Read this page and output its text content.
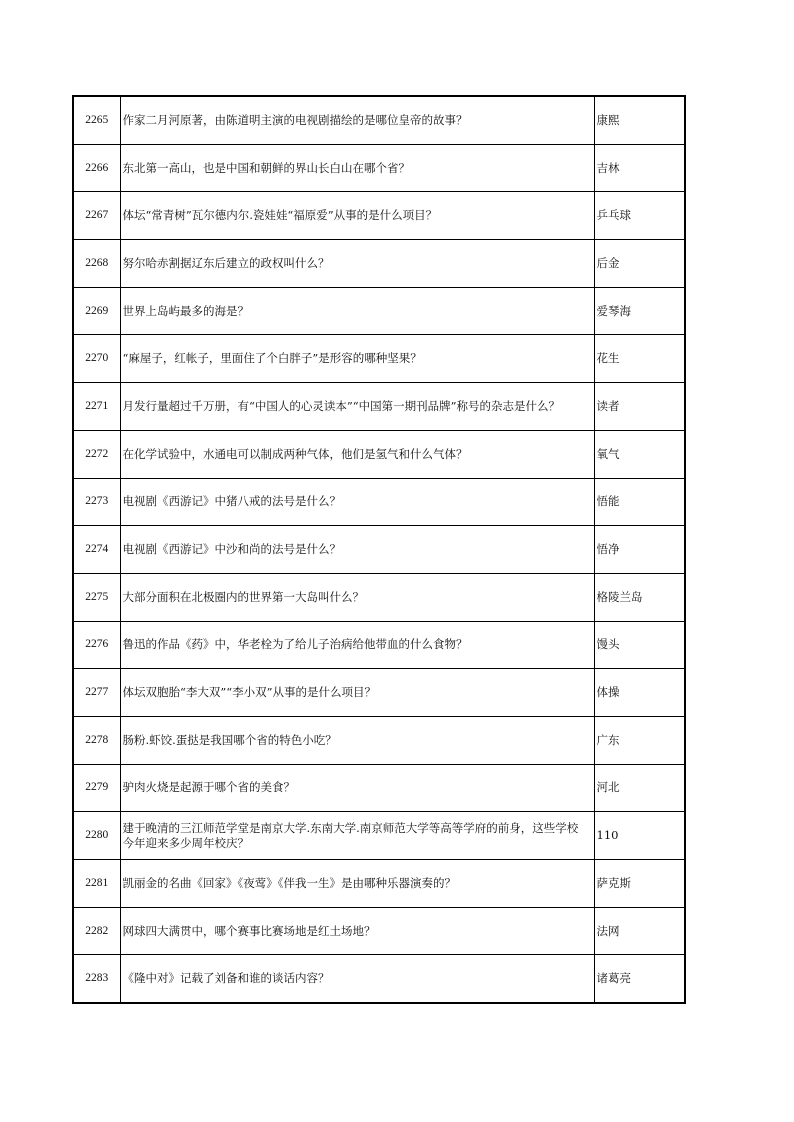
2265	作家二月河原著，由陈道明主演的电视剧描绘的是哪位皇帝的故事？	康熙
2266	东北第一高山，也是中国和朝鲜的界山长白山在哪个省？	吉林
2267	体坛“常青树”瓦尔德内尔.瓷娃娃“福原爱”从事的是什么项目？	乒乓球
2268	努尔哈赤割据辽东后建立的政权叫什么？	后金
2269	世界上岛屿最多的海是？	爱琴海
2270	“麻屋子，红帐子，里面住了个白胖子”是形容的哪种坚果？	花生
2271	月发行量超过千万册，有“中国人的心灵读本”“中国第一期刊品牌”称号的杂志是什么？	读者
2272	在化学试验中，水通电可以制成两种气体，他们是氢气和什么气体？	氧气
2273	电视剧《西游记》中猪八戒的法号是什么？	悟能
2274	电视剧《西游记》中沙和尚的法号是什么？	悟净
2275	大部分面积在北极圈内的世界第一大岛叫什么？	格陵兰岛
2276	鲁迅的作品《药》中，华老栓为了给儿子治病给他带血的什么食物？	馒头
2277	体坛双胞胎“李大双”“李小双”从事的是什么项目？	体操
2278	肠粉.虾饺.蛋挞是我国哪个省的特色小吃？	广东
2279	驴肉火烧是起源于哪个省的美食？	河北
2280	建于晚清的三江师范学堂是南京大学.东南大学.南京师范大学等高等学府的前身，这些学校今年迎来多少周年校庆？	110
2281	凯丽金的名曲《回家》《夜莺》《伴我一生》是由哪种乐器演奏的？	萨克斯
2282	网球四大满贯中，哪个赛事比赛场地是红土场地？	法网
2283	《隆中对》记载了刘备和谁的谈话内容？	诸葛亮
